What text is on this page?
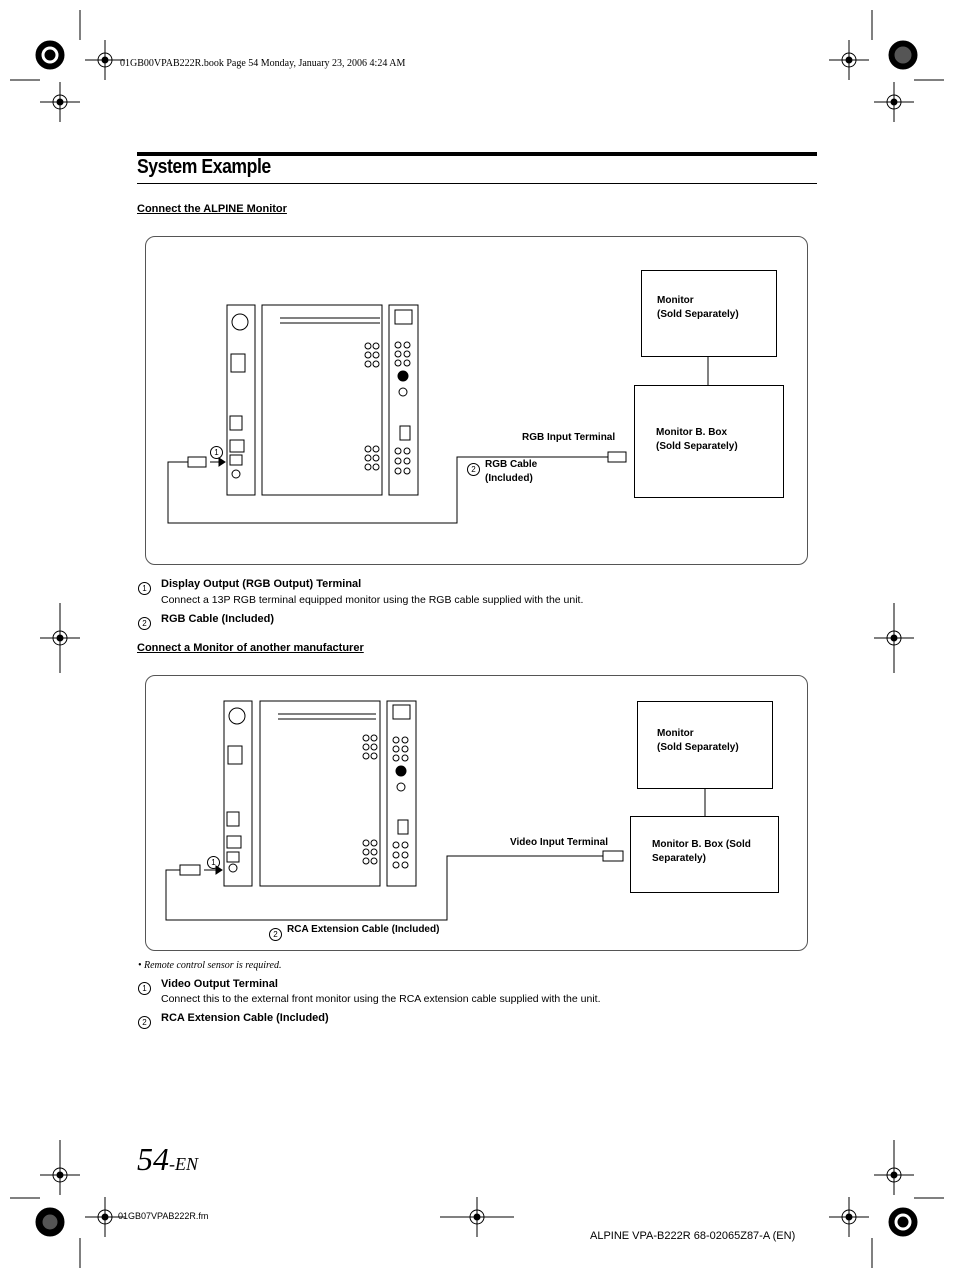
01GB00VPAB222R.book Page 54 Monday, January 23, 2006 4:24 AM
System Example
Connect the ALPINE Monitor
Monitor
(Sold Separately)
Monitor B. Box
(Sold Separately)
RGB Input Terminal
2 RGB Cable
(Included)
1
1	Display Output (RGB Output) Terminal
Connect a 13P RGB terminal equipped monitor using the RGB cable supplied with the unit.
2	RGB Cable (Included)
Connect a Monitor of another manufacturer
Monitor
(Sold Separately)
Monitor B. Box (Sold
Separately)
Video Input Terminal
1
2 RCA Extension Cable (Included)
• Remote control sensor is required.
1	Video Output Terminal
Connect this to the external front monitor using the RCA extension cable supplied with the unit.
2	RCA Extension Cable (Included)
54-EN
01GB07VPAB222R.fm
ALPINE VPA-B222R 68-02065Z87-A (EN)
